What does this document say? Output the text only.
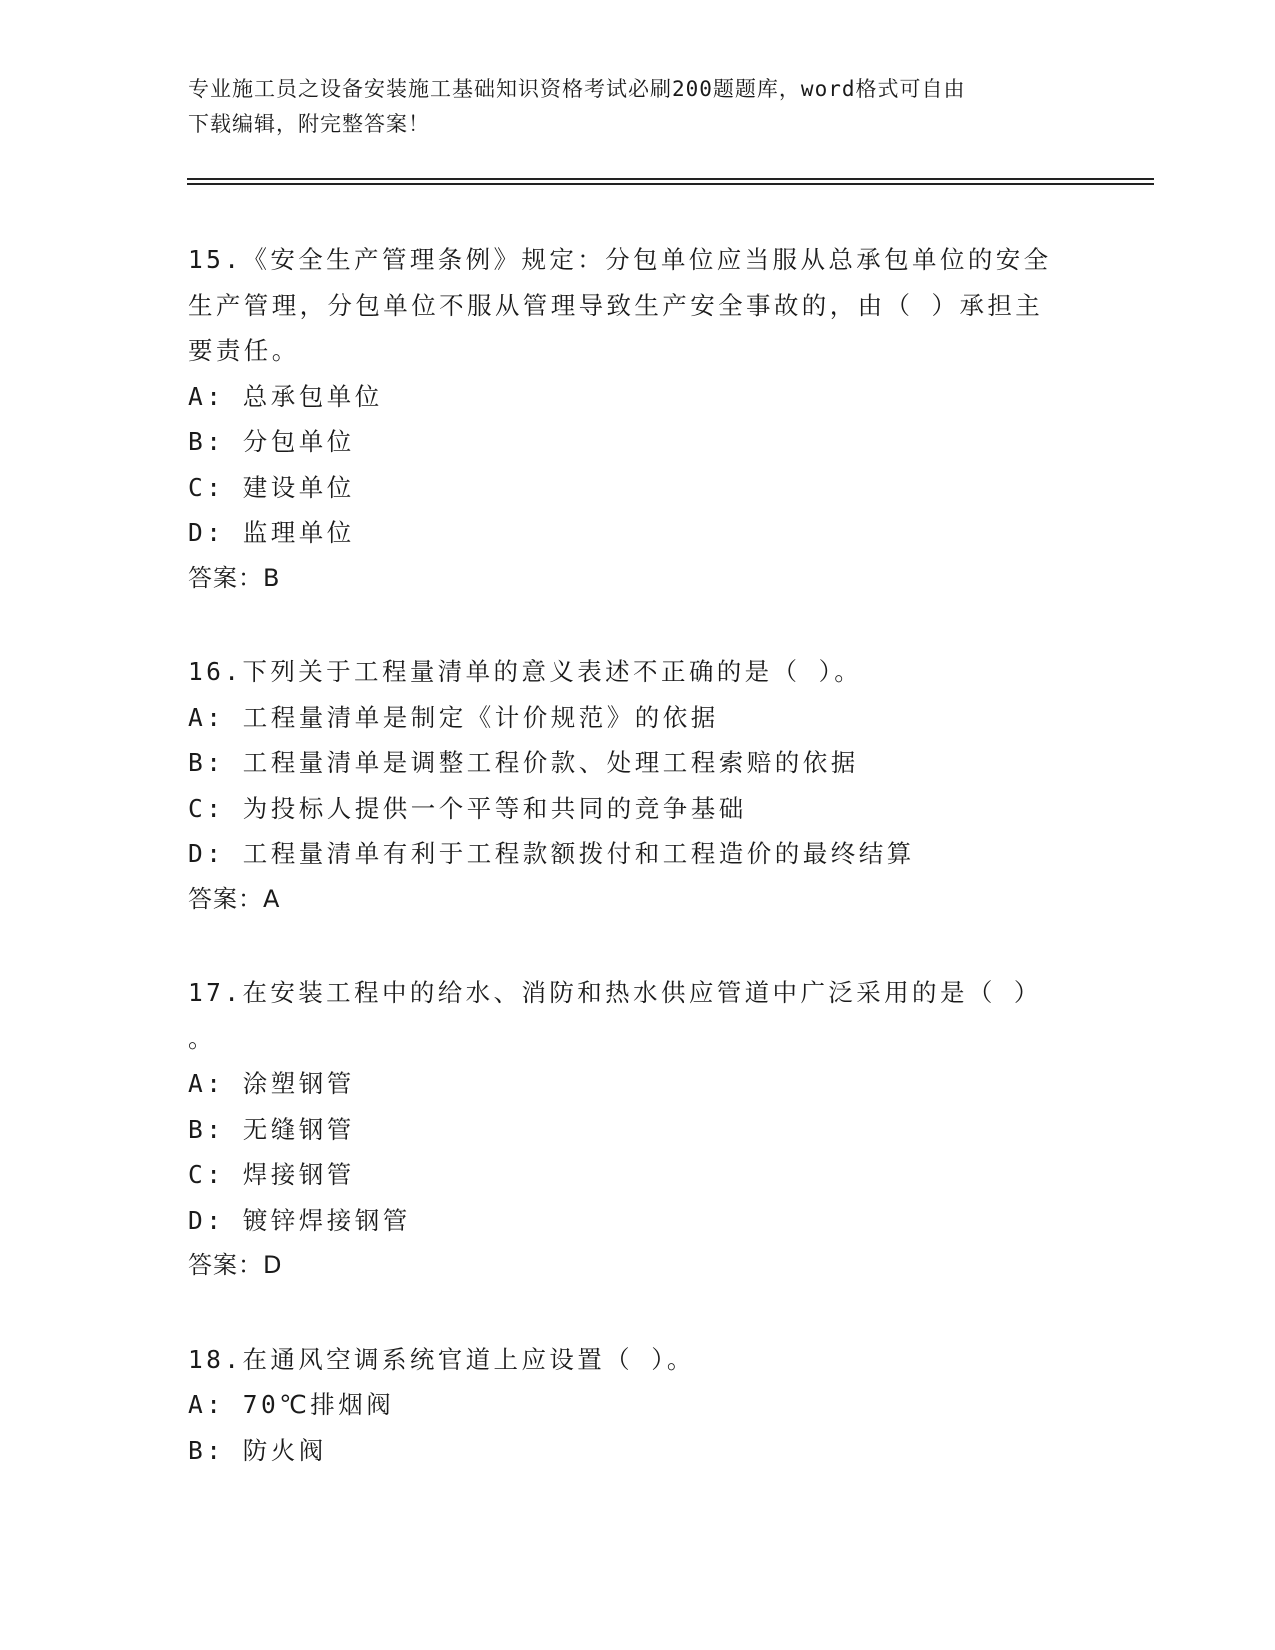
专业施工员之设备安装施工基础知识资格考试必刷200题题库，word格式可自由
下载编辑，附完整答案！
15.《安全生产管理条例》规定：分包单位应当服从总承包单位的安全
生产管理，分包单位不服从管理导致生产安全事故的，由（ ）承担主
要责任。
A: 总承包单位
B: 分包单位
C: 建设单位
D: 监理单位
答案：B
16.下列关于工程量清单的意义表述不正确的是（ ）。
A: 工程量清单是制定《计价规范》的依据
B: 工程量清单是调整工程价款、处理工程索赔的依据
C: 为投标人提供一个平等和共同的竞争基础
D: 工程量清单有利于工程款额拨付和工程造价的最终结算
答案：A
17.在安装工程中的给水、消防和热水供应管道中广泛采用的是（ ）
。
A: 涂塑钢管
B: 无缝钢管
C: 焊接钢管
D: 镀锌焊接钢管
答案：D
18.在通风空调系统官道上应设置（ ）。
A: 70℃排烟阀
B: 防火阀
